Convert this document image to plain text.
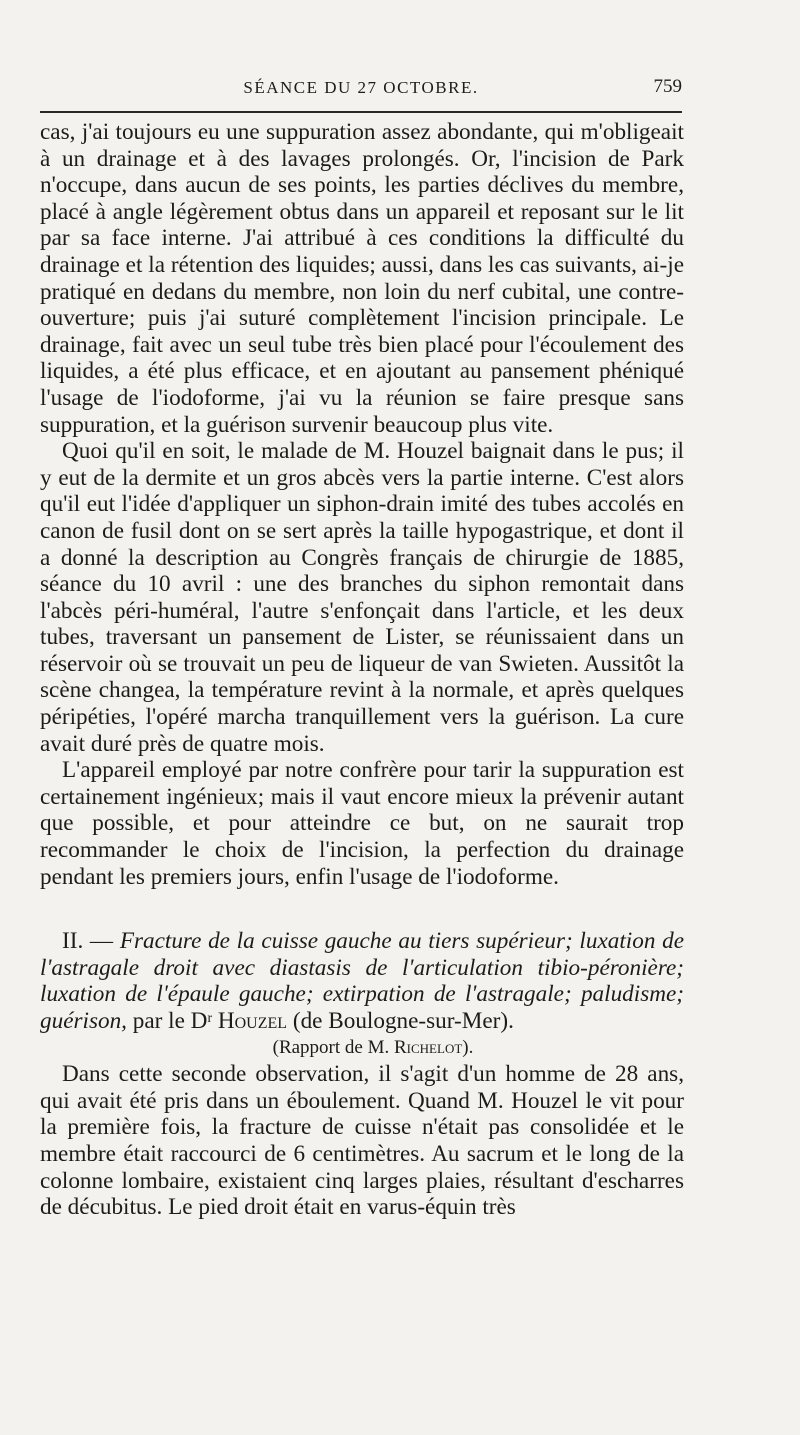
SÉANCE DU 27 OCTOBRE.	759

cas, j'ai toujours eu une suppuration assez abondante, qui m'obligeait à un drainage et à des lavages prolongés. Or, l'incision de Park n'occupe, dans aucun de ses points, les parties déclives du membre, placé à angle légèrement obtus dans un appareil et reposant sur le lit par sa face interne. J'ai attribué à ces conditions la difficulté du drainage et la rétention des liquides; aussi, dans les cas suivants, ai-je pratiqué en dedans du membre, non loin du nerf cubital, une contre-ouverture; puis j'ai suturé complètement l'incision principale. Le drainage, fait avec un seul tube très bien placé pour l'écoulement des liquides, a été plus efficace, et en ajoutant au pansement phéniqué l'usage de l'iodoforme, j'ai vu la réunion se faire presque sans suppuration, et la guérison survenir beaucoup plus vite.

Quoi qu'il en soit, le malade de M. Houzel baignait dans le pus; il y eut de la dermite et un gros abcès vers la partie interne. C'est alors qu'il eut l'idée d'appliquer un siphon-drain imité des tubes accolés en canon de fusil dont on se sert après la taille hypogastrique, et dont il a donné la description au Congrès français de chirurgie de 1885, séance du 10 avril : une des branches du siphon remontait dans l'abcès péri-huméral, l'autre s'enfonçait dans l'article, et les deux tubes, traversant un pansement de Lister, se réunissaient dans un réservoir où se trouvait un peu de liqueur de van Swieten. Aussitôt la scène changea, la température revint à la normale, et après quelques péripéties, l'opéré marcha tranquillement vers la guérison. La cure avait duré près de quatre mois.

L'appareil employé par notre confrère pour tarir la suppuration est certainement ingénieux; mais il vaut encore mieux la prévenir autant que possible, et pour atteindre ce but, on ne saurait trop recommander le choix de l'incision, la perfection du drainage pendant les premiers jours, enfin l'usage de l'iodoforme.

II. — Fracture de la cuisse gauche au tiers supérieur; luxation de l'astragale droit avec diastasis de l'articulation tibio-péronière; luxation de l'épaule gauche; extirpation de l'astragale; paludisme; guérison, par le $D^r$ Houzel (de Boulogne-sur-Mer).

(Rapport de M. Richelot).

Dans cette seconde observation, il s'agit d'un homme de 28 ans, qui avait été pris dans un éboulement. Quand M. Houzel le vit pour la première fois, la fracture de cuisse n'était pas consolidée et le membre était raccourci de 6 centimètres. Au sacrum et le long de la colonne lombaire, existaient cinq larges plaies, résultant d'escharres de décubitus. Le pied droit était en varus-équin très
